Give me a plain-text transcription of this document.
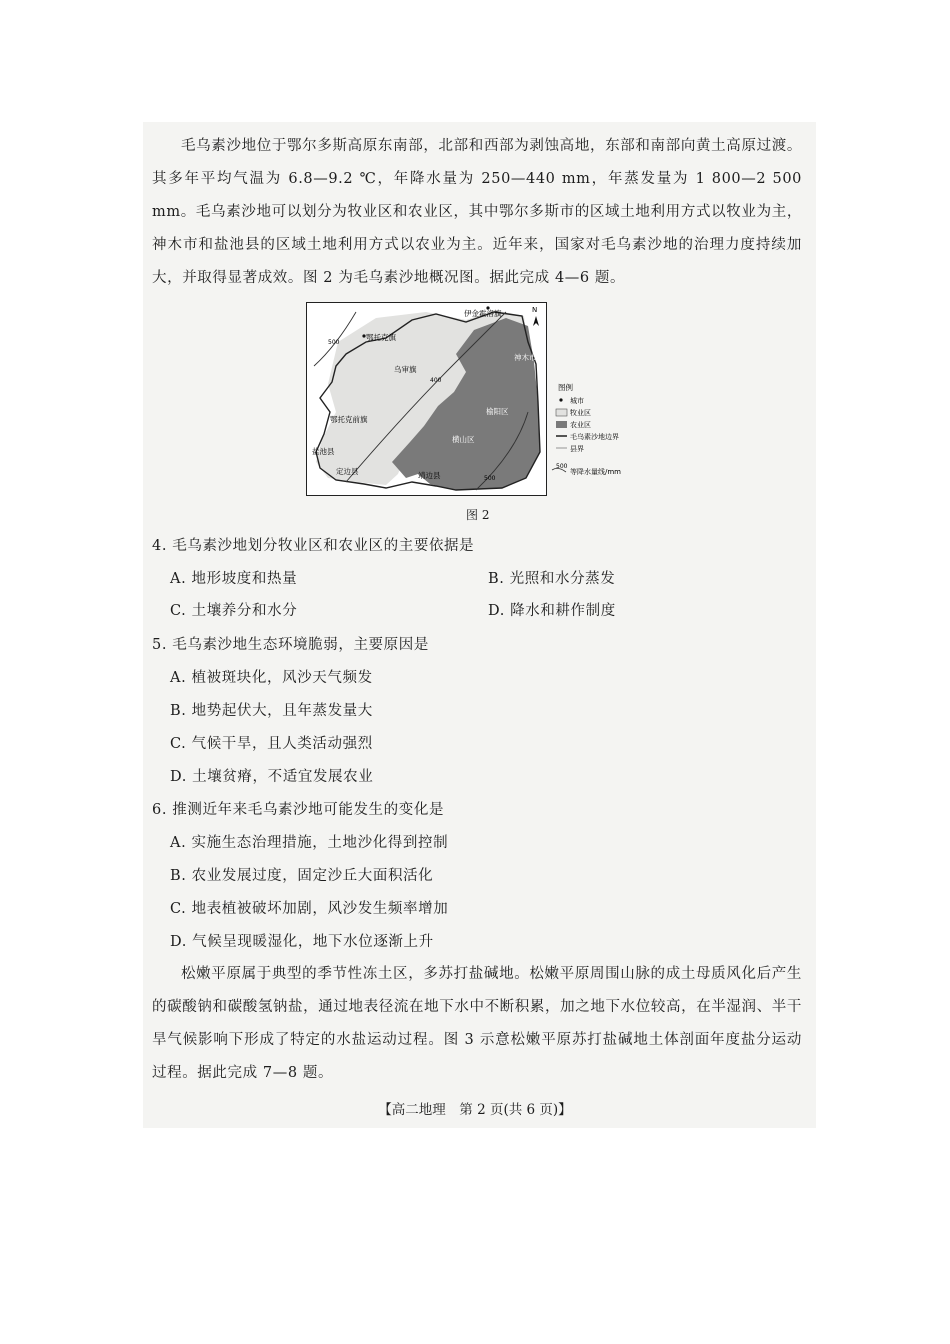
毛乌素沙地位于鄂尔多斯高原东南部，北部和西部为剥蚀高地，东部和南部向黄土高原过渡。其多年平均气温为 6.8—9.2 ℃，年降水量为 250—440 mm，年蒸发量为 1 800—2 500 mm。毛乌素沙地可以划分为牧业区和农业区，其中鄂尔多斯市的区域土地利用方式以牧业为主，神木市和盐池县的区域土地利用方式以农业为主。近年来，国家对毛乌素沙地的治理力度持续加大，并取得显著成效。图 2 为毛乌素沙地概况图。据此完成 4—6 题。

500
400
500
伊金霍洛旗
鄂托克旗
乌审旗
神木市
鄂托克前旗
榆阳区
横山区
盐池县
定边县	靖边县
N
图例
城市
牧业区
农业区
毛乌素沙地边界
县界
500
等降水量线/mm
图 2

4. 毛乌素沙地划分牧业区和农业区的主要依据是

A. 地形坡度和热量	B. 光照和水分蒸发

C. 土壤养分和水分	D. 降水和耕作制度

5. 毛乌素沙地生态环境脆弱，主要原因是

A. 植被斑块化，风沙天气频发

B. 地势起伏大，且年蒸发量大

C. 气候干旱，且人类活动强烈

D. 土壤贫瘠，不适宜发展农业

6. 推测近年来毛乌素沙地可能发生的变化是

A. 实施生态治理措施，土地沙化得到控制

B. 农业发展过度，固定沙丘大面积活化

C. 地表植被破坏加剧，风沙发生频率增加

D. 气候呈现暖湿化，地下水位逐渐上升

松嫩平原属于典型的季节性冻土区，多苏打盐碱地。松嫩平原周围山脉的成土母质风化后产生的碳酸钠和碳酸氢钠盐，通过地表径流在地下水中不断积累，加之地下水位较高，在半湿润、半干旱气候影响下形成了特定的水盐运动过程。图 3 示意松嫩平原苏打盐碱地土体剖面年度盐分运动过程。据此完成 7—8 题。

【高二地理　第 2 页(共 6 页)】
